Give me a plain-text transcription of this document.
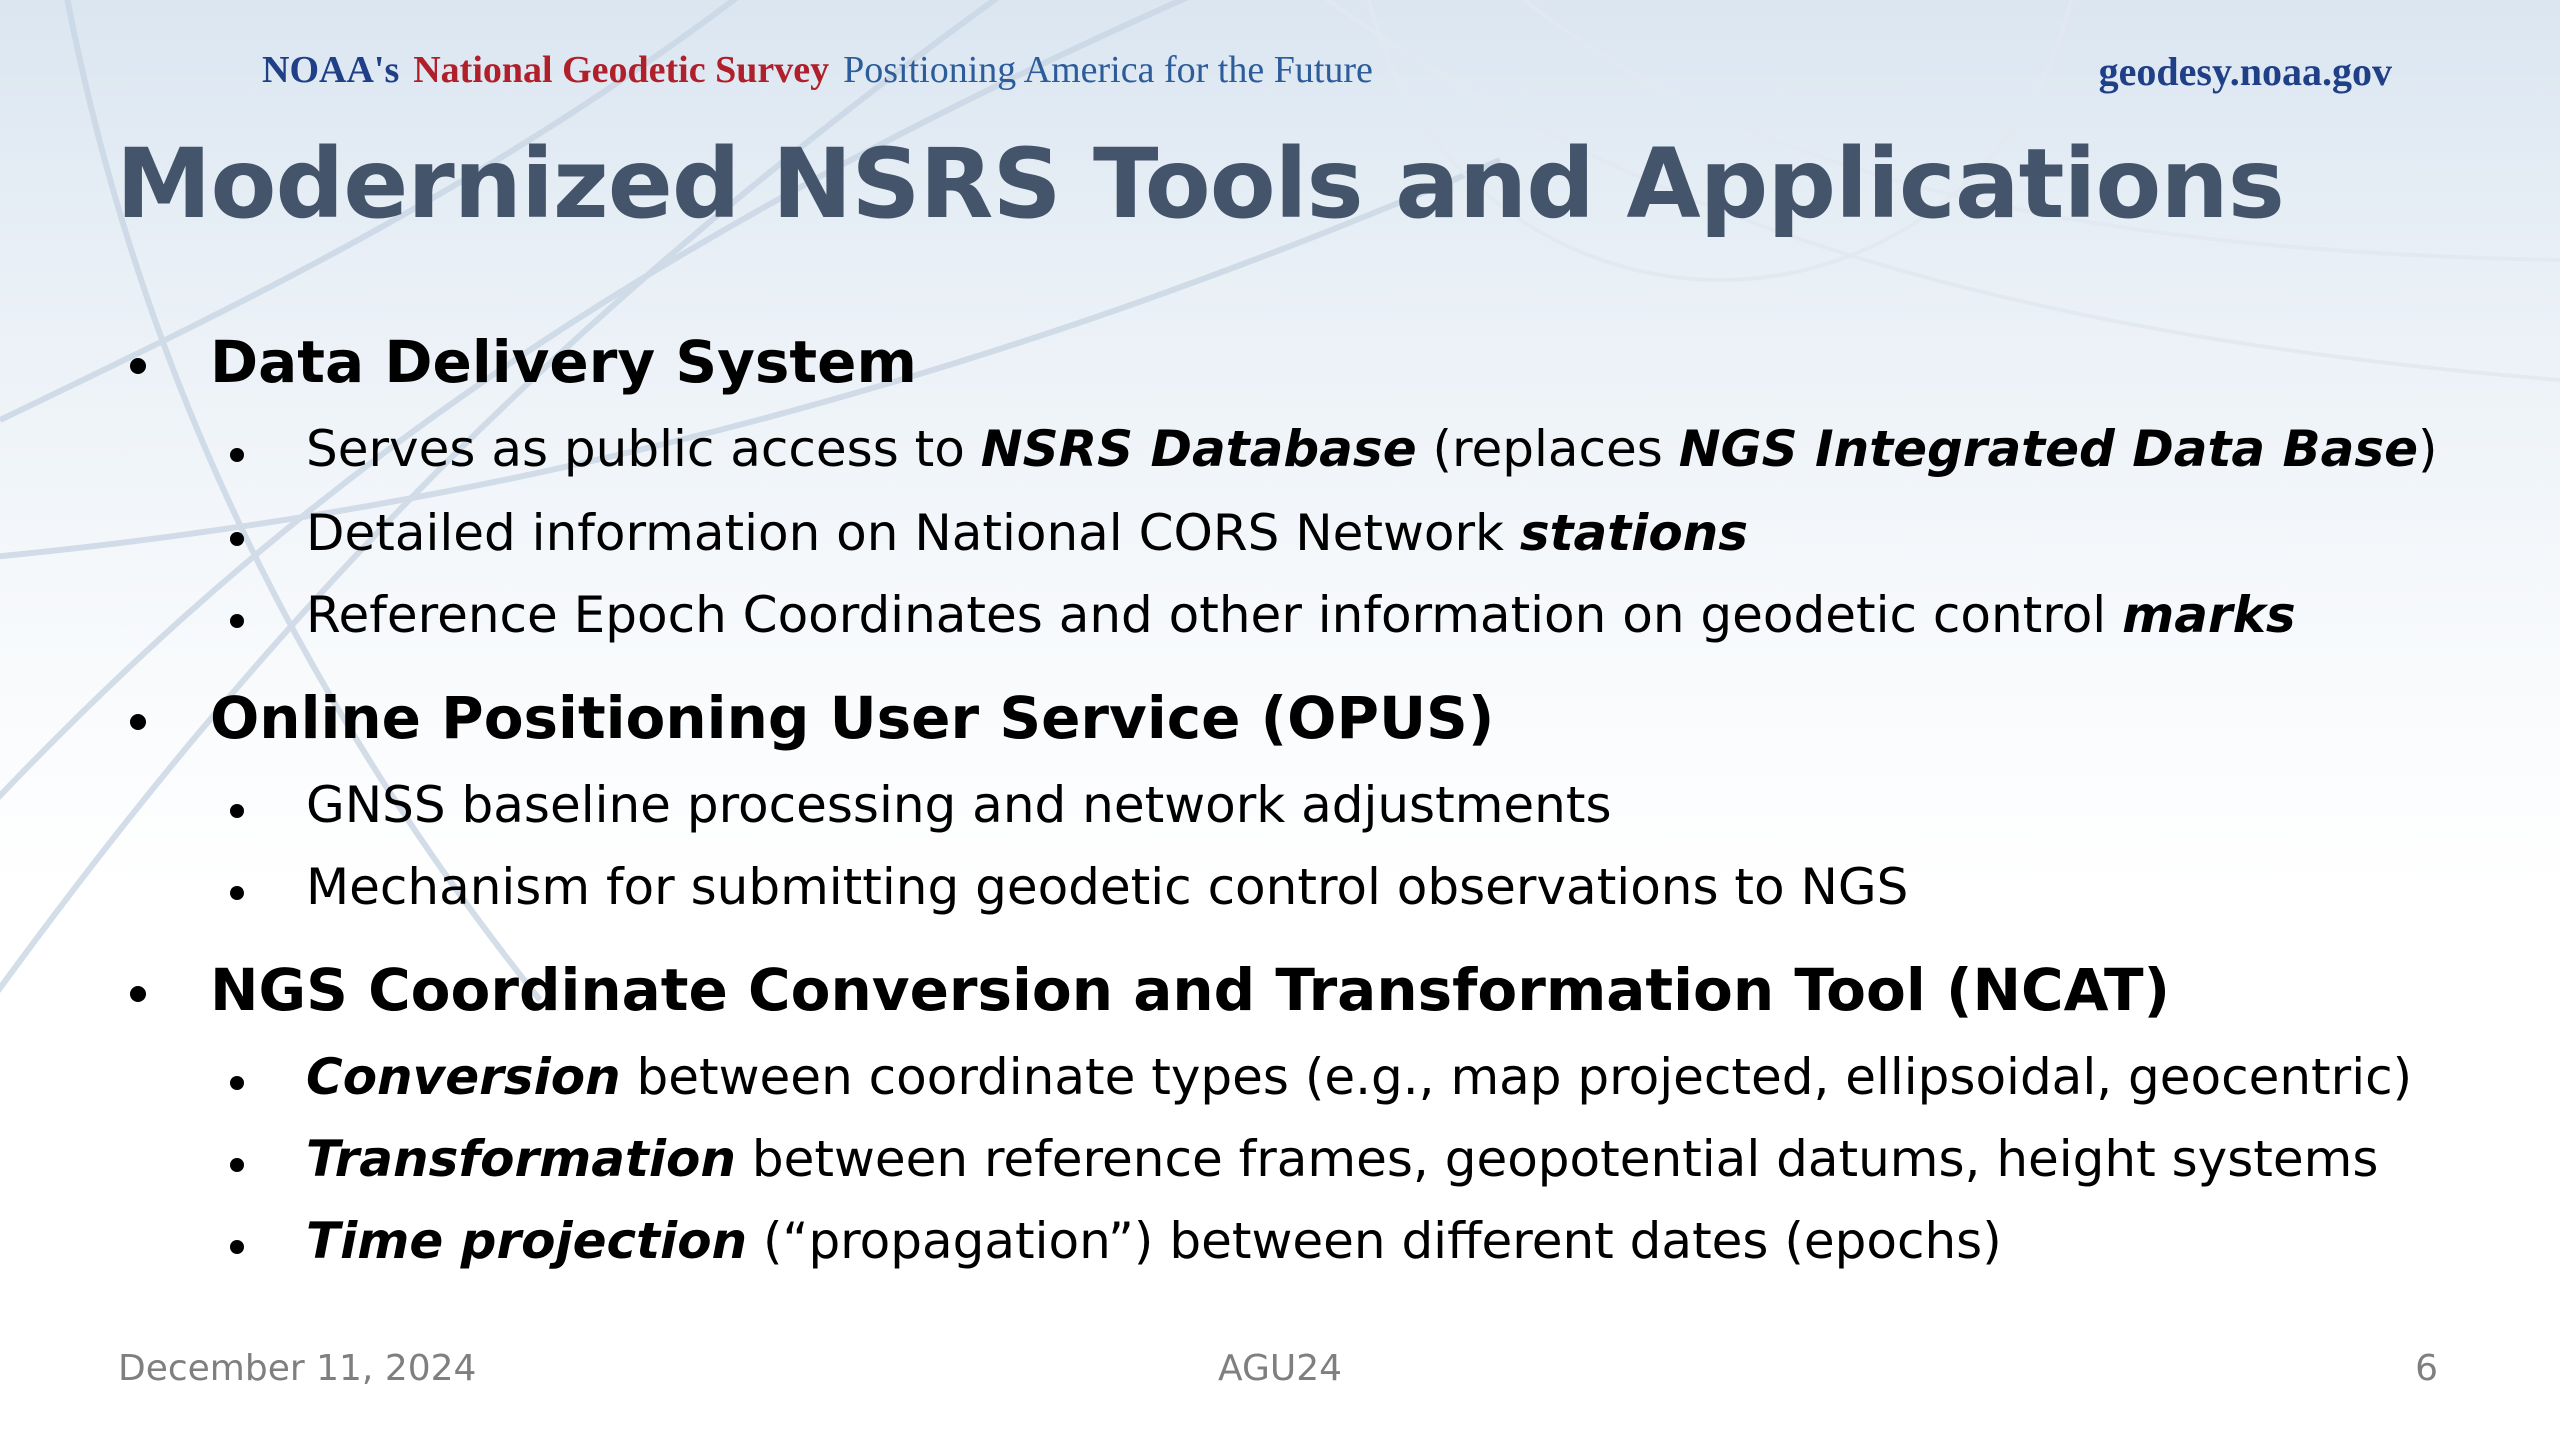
NOAA's National Geodetic Survey Positioning America for the Future	geodesy.noaa.gov
Modernized NSRS Tools and Applications
Data Delivery System
Serves as public access to NSRS Database (replaces NGS Integrated Data Base)
Detailed information on National CORS Network stations
Reference Epoch Coordinates and other information on geodetic control marks
Online Positioning User Service (OPUS)
GNSS baseline processing and network adjustments
Mechanism for submitting geodetic control observations to NGS
NGS Coordinate Conversion and Transformation Tool (NCAT)
Conversion between coordinate types (e.g., map projected, ellipsoidal, geocentric)
Transformation between reference frames, geopotential datums, height systems
Time projection (“propagation”) between different dates (epochs)
December 11, 2024	AGU24	6
